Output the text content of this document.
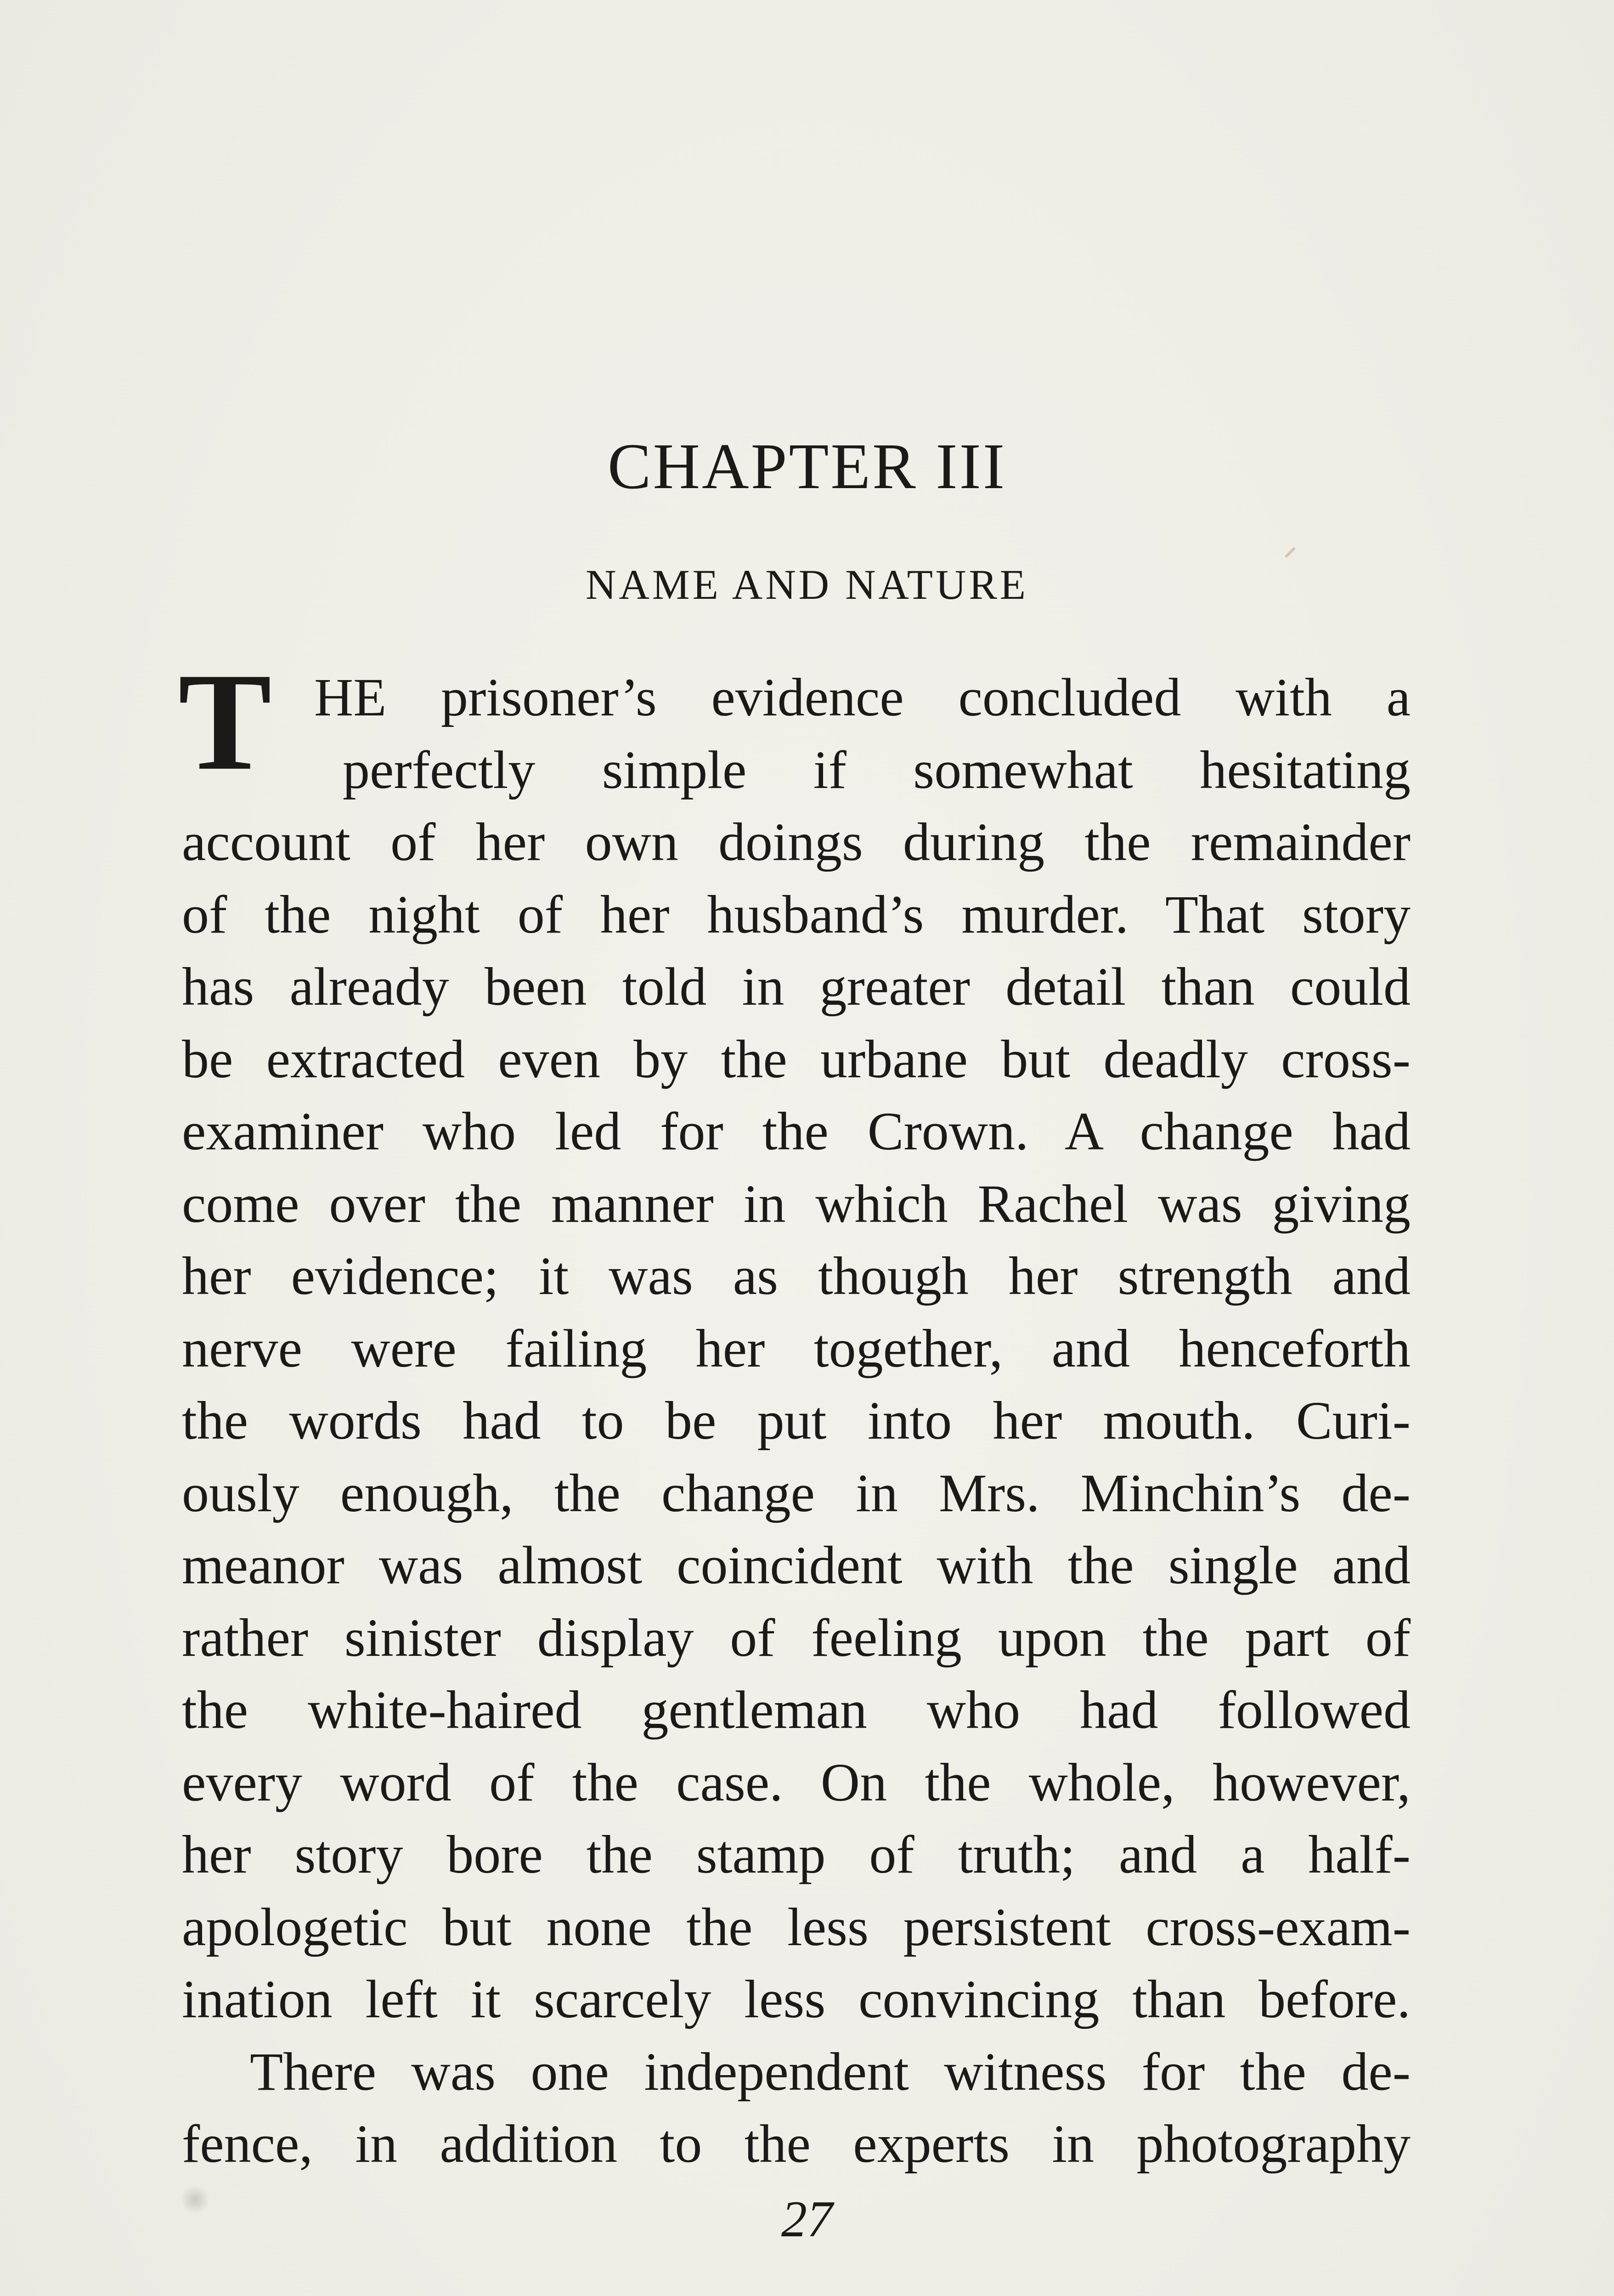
CHAPTER III
NAME AND NATURE
T HE prisoner’s evidence concluded with a
perfectly simple if somewhat hesitating
account of her own doings during the remainder
of the night of her husband’s murder. That story
has already been told in greater detail than could
be extracted even by the urbane but deadly cross-
examiner who led for the Crown. A change had
come over the manner in which Rachel was giving
her evidence; it was as though her strength and
nerve were failing her together, and henceforth
the words had to be put into her mouth. Curi-
ously enough, the change in Mrs. Minchin’s de-
meanor was almost coincident with the single and
rather sinister display of feeling upon the part of
the white-haired gentleman who had followed
every word of the case. On the whole, however,
her story bore the stamp of truth; and a half-
apologetic but none the less persistent cross-exam-
ination left it scarcely less convincing than before.
There was one independent witness for the de-
fence, in addition to the experts in photography
27
